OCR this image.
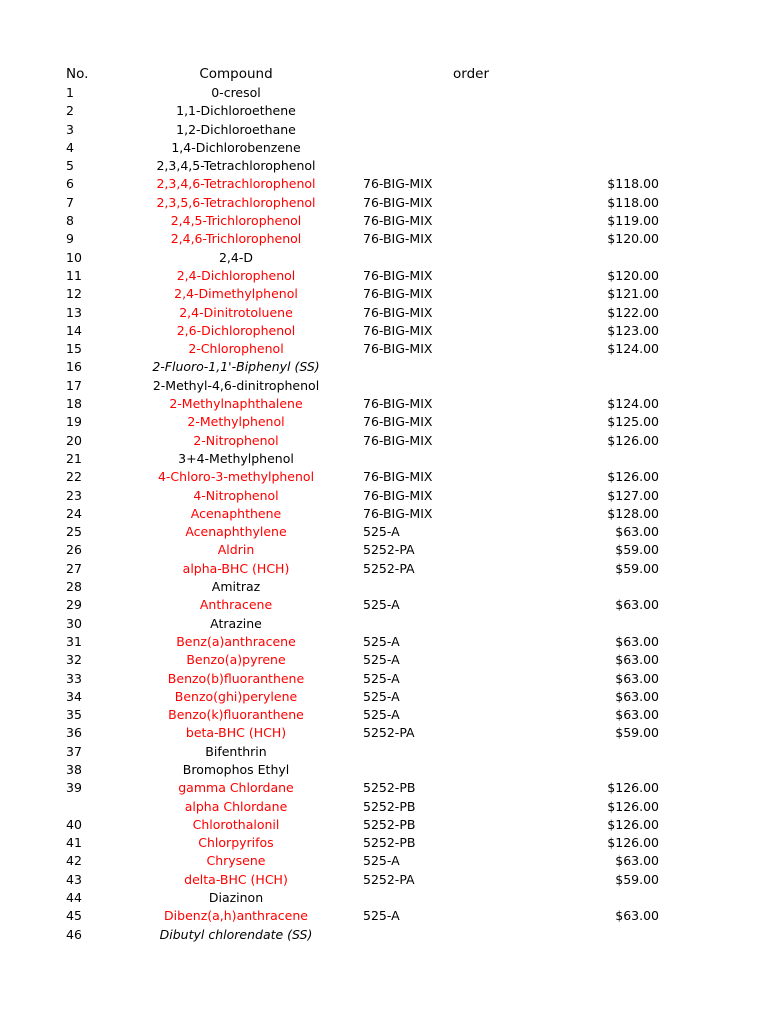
No.	Compound	order
1	0-cresol
2	1,1-Dichloroethene
3	1,2-Dichloroethane
4	1,4-Dichlorobenzene
5	2,3,4,5-Tetrachlorophenol
6	2,3,4,6-Tetrachlorophenol	76-BIG-MIX	$118.00
7	2,3,5,6-Tetrachlorophenol	76-BIG-MIX	$118.00
8	2,4,5-Trichlorophenol	76-BIG-MIX	$119.00
9	2,4,6-Trichlorophenol	76-BIG-MIX	$120.00
10	2,4-D
11	2,4-Dichlorophenol	76-BIG-MIX	$120.00
12	2,4-Dimethylphenol	76-BIG-MIX	$121.00
13	2,4-Dinitrotoluene	76-BIG-MIX	$122.00
14	2,6-Dichlorophenol	76-BIG-MIX	$123.00
15	2-Chlorophenol	76-BIG-MIX	$124.00
16	2-Fluoro-1,1'-Biphenyl (SS)
17	2-Methyl-4,6-dinitrophenol
18	2-Methylnaphthalene	76-BIG-MIX	$124.00
19	2-Methylphenol	76-BIG-MIX	$125.00
20	2-Nitrophenol	76-BIG-MIX	$126.00
21	3+4-Methylphenol
22	4-Chloro-3-methylphenol	76-BIG-MIX	$126.00
23	4-Nitrophenol	76-BIG-MIX	$127.00
24	Acenaphthene	76-BIG-MIX	$128.00
25	Acenaphthylene	525-A	$63.00
26	Aldrin	5252-PA	$59.00
27	alpha-BHC (HCH)	5252-PA	$59.00
28	Amitraz
29	Anthracene	525-A	$63.00
30	Atrazine
31	Benz(a)anthracene	525-A	$63.00
32	Benzo(a)pyrene	525-A	$63.00
33	Benzo(b)fluoranthene	525-A	$63.00
34	Benzo(ghi)perylene	525-A	$63.00
35	Benzo(k)fluoranthene	525-A	$63.00
36	beta-BHC (HCH)	5252-PA	$59.00
37	Bifenthrin
38	Bromophos Ethyl
39	gamma Chlordane	5252-PB	$126.00
alpha Chlordane	5252-PB	$126.00
40	Chlorothalonil	5252-PB	$126.00
41	Chlorpyrifos	5252-PB	$126.00
42	Chrysene	525-A	$63.00
43	delta-BHC (HCH)	5252-PA	$59.00
44	Diazinon
45	Dibenz(a,h)anthracene	525-A	$63.00
46	Dibutyl chlorendate (SS)
